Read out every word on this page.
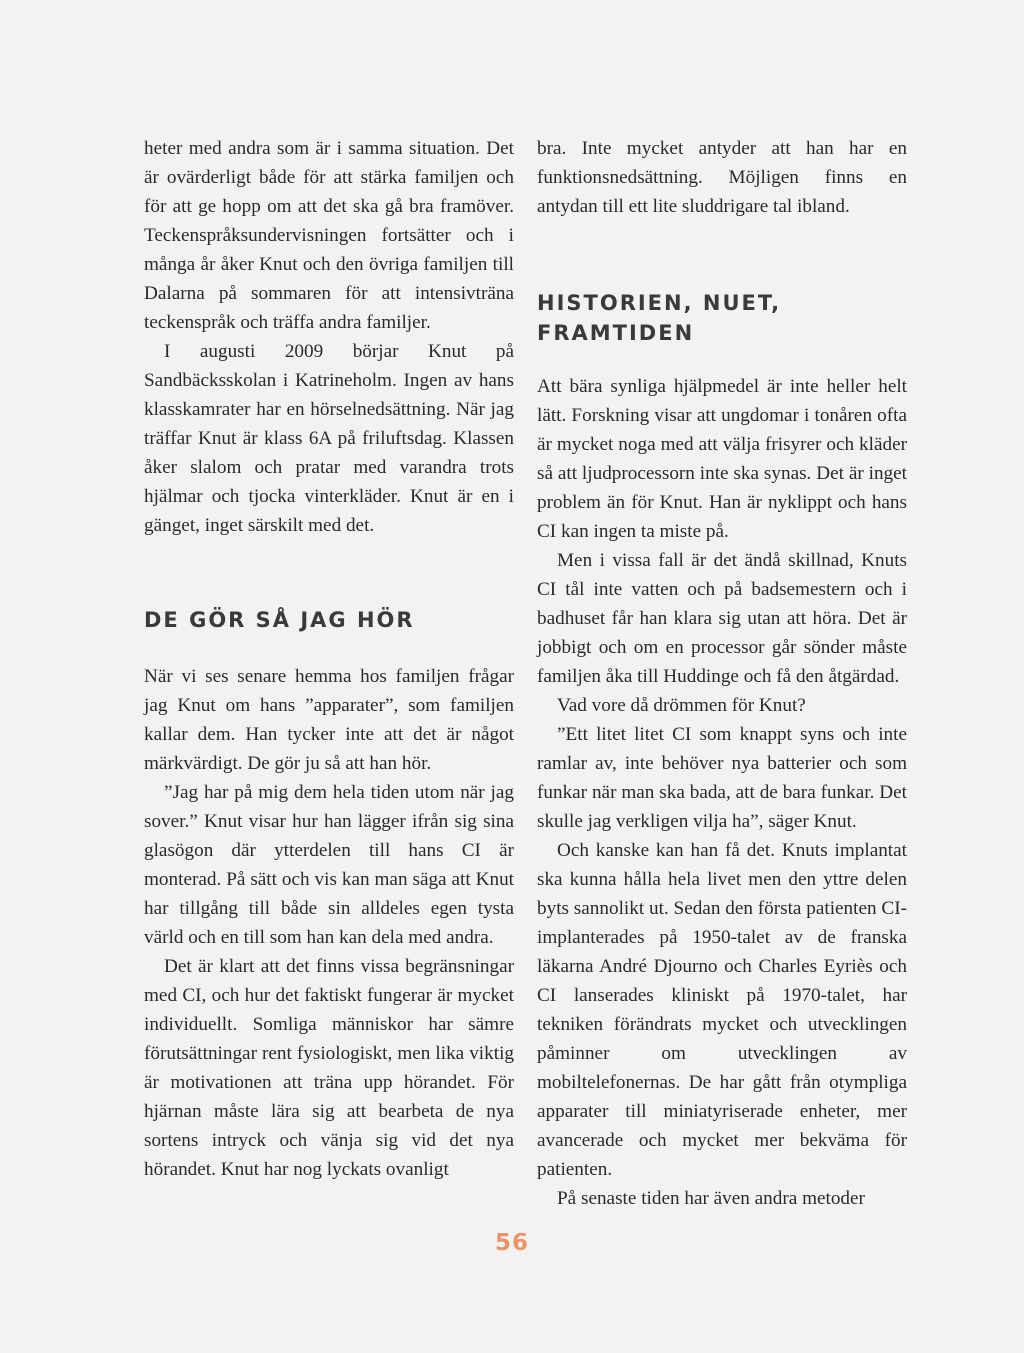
heter med andra som är i samma situation. Det är ovärderligt både för att stärka familjen och för att ge hopp om att det ska gå bra framöver. Teckenspråksundervisningen fortsätter och i många år åker Knut och den övriga familjen till Dalarna på sommaren för att intensivträna teckenspråk och träffa andra familjer.

I augusti 2009 börjar Knut på Sandbäcksskolan i Katrineholm. Ingen av hans klasskamrater har en hörselnedsättning. När jag träffar Knut är klass 6A på friluftsdag. Klassen åker slalom och pratar med varandra trots hjälmar och tjocka vinterkläder. Knut är en i gänget, inget särskilt med det.

DE GÖR SÅ JAG HÖR

När vi ses senare hemma hos familjen frågar jag Knut om hans ”apparater”, som familjen kallar dem. Han tycker inte att det är något märkvärdigt. De gör ju så att han hör.

”Jag har på mig dem hela tiden utom när jag sover.” Knut visar hur han lägger ifrån sig sina glasögon där ytterdelen till hans CI är monterad. På sätt och vis kan man säga att Knut har tillgång till både sin alldeles egen tysta värld och en till som han kan dela med andra.

Det är klart att det finns vissa begränsningar med CI, och hur det faktiskt fungerar är mycket individuellt. Somliga människor har sämre förutsättningar rent fysiologiskt, men lika viktig är motivationen att träna upp hörandet. För hjärnan måste lära sig att bearbeta de nya sortens intryck och vänja sig vid det nya hörandet. Knut har nog lyckats ovanligt

bra. Inte mycket antyder att han har en funktionsnedsättning. Möjligen finns en antydan till ett lite sluddrigare tal ibland.

HISTORIEN, NUET,
FRAMTIDEN

Att bära synliga hjälpmedel är inte heller helt lätt. Forskning visar att ungdomar i tonåren ofta är mycket noga med att välja frisyrer och kläder så att ljudprocessorn inte ska synas. Det är inget problem än för Knut. Han är nyklippt och hans CI kan ingen ta miste på.

Men i vissa fall är det ändå skillnad, Knuts CI tål inte vatten och på badsemestern och i badhuset får han klara sig utan att höra. Det är jobbigt och om en processor går sönder måste familjen åka till Huddinge och få den åtgärdad.

Vad vore då drömmen för Knut?

”Ett litet litet CI som knappt syns och inte ramlar av, inte behöver nya batterier och som funkar när man ska bada, att de bara funkar. Det skulle jag verkligen vilja ha”, säger Knut.

Och kanske kan han få det. Knuts implantat ska kunna hålla hela livet men den yttre delen byts sannolikt ut. Sedan den första patienten CI-implanterades på 1950-talet av de franska läkarna André Djourno och Charles Eyriès och CI lanserades kliniskt på 1970-talet, har tekniken förändrats mycket och utvecklingen påminner om utvecklingen av mobiltelefonernas. De har gått från otympliga apparater till miniatyriserade enheter, mer avancerade och mycket mer bekväma för patienten.

På senaste tiden har även andra metoder

56
